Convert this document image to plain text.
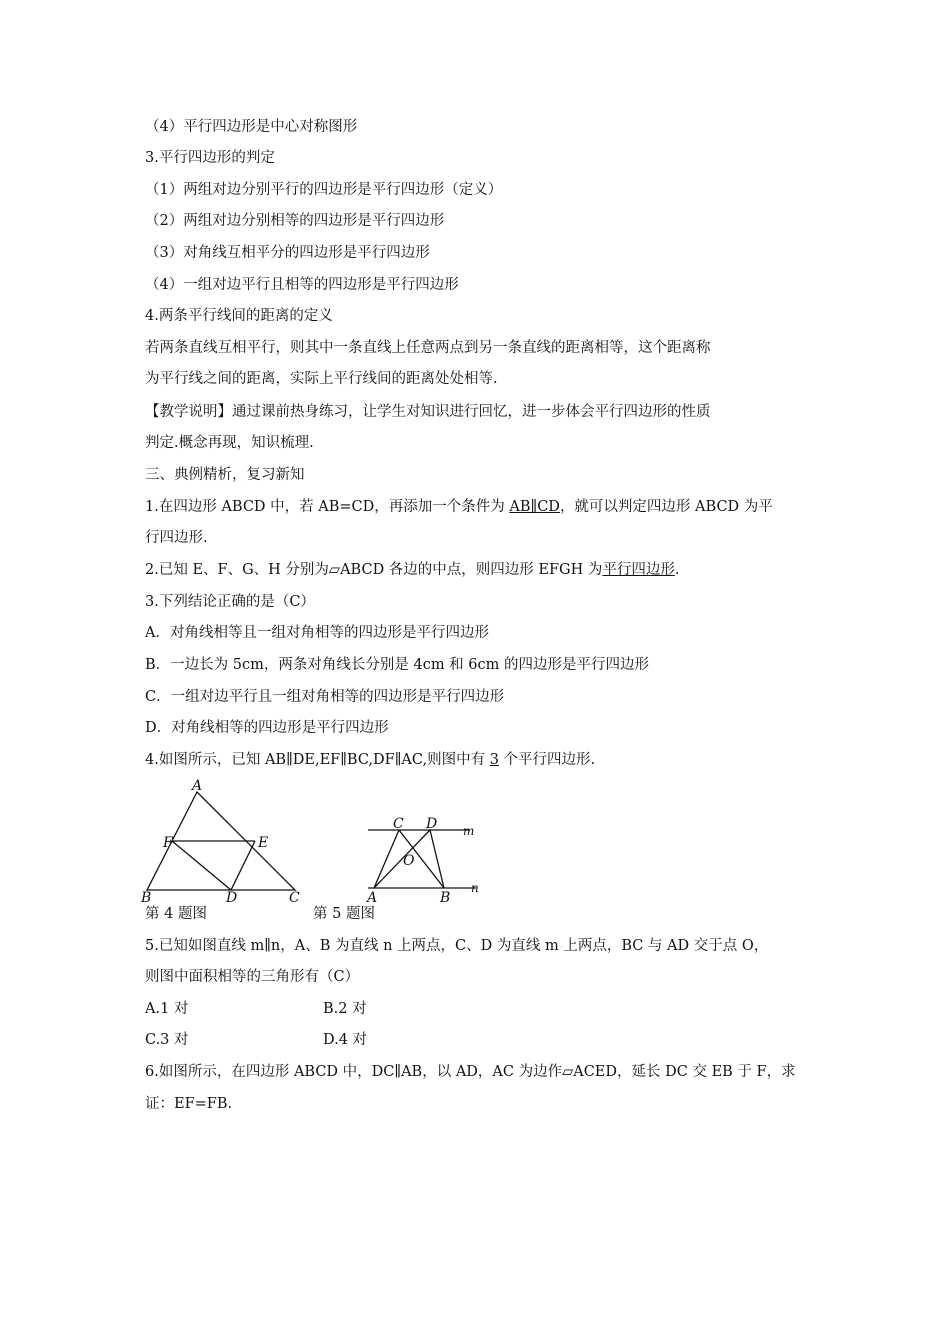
（4）平行四边形是中心对称图形
3.平行四边形的判定
（1）两组对边分别平行的四边形是平行四边形（定义）
（2）两组对边分别相等的四边形是平行四边形
（3）对角线互相平分的四边形是平行四边形
（4）一组对边平行且相等的四边形是平行四边形
4.两条平行线间的距离的定义
若两条直线互相平行，则其中一条直线上任意两点到另一条直线的距离相等，这个距离称
为平行线之间的距离，实际上平行线间的距离处处相等.
【教学说明】通过课前热身练习，让学生对知识进行回忆，进一步体会平行四边形的性质
判定.概念再现，知识梳理.
三、典例精析，复习新知
1.在四边形 ABCD 中，若 AB=CD，再添加一个条件为 AB∥CD，就可以判定四边形 ABCD 为平
行四边形.
2.已知 E、F、G、H 分别为▱ABCD 各边的中点，则四边形 EFGH 为平行四边形.
3.下列结论正确的是（C）
A．对角线相等且一组对角相等的四边形是平行四边形
B．一边长为 5cm，两条对角线长分别是 4cm 和 6cm 的四边形是平行四边形
C．一组对边平行且一组对角相等的四边形是平行四边形
D．对角线相等的四边形是平行四边形
4.如图所示，已知 AB∥DE,EF∥BC,DF∥AC,则图中有 3 个平行四边形.
A
F	E
B	D	C
第 4 题图
C D m
O
A	B
n
第 5 题图
5.已知如图直线 m∥n，A、B 为直线 n 上两点，C、D 为直线 m 上两点，BC 与 AD 交于点 O，
则图中面积相等的三角形有（C）
A.1 对	B.2 对
C.3 对	D.4 对
6.如图所示，在四边形 ABCD 中，DC∥AB，以 AD，AC 为边作▱ACED，延长 DC 交 EB 于 F，求
证：EF=FB.
